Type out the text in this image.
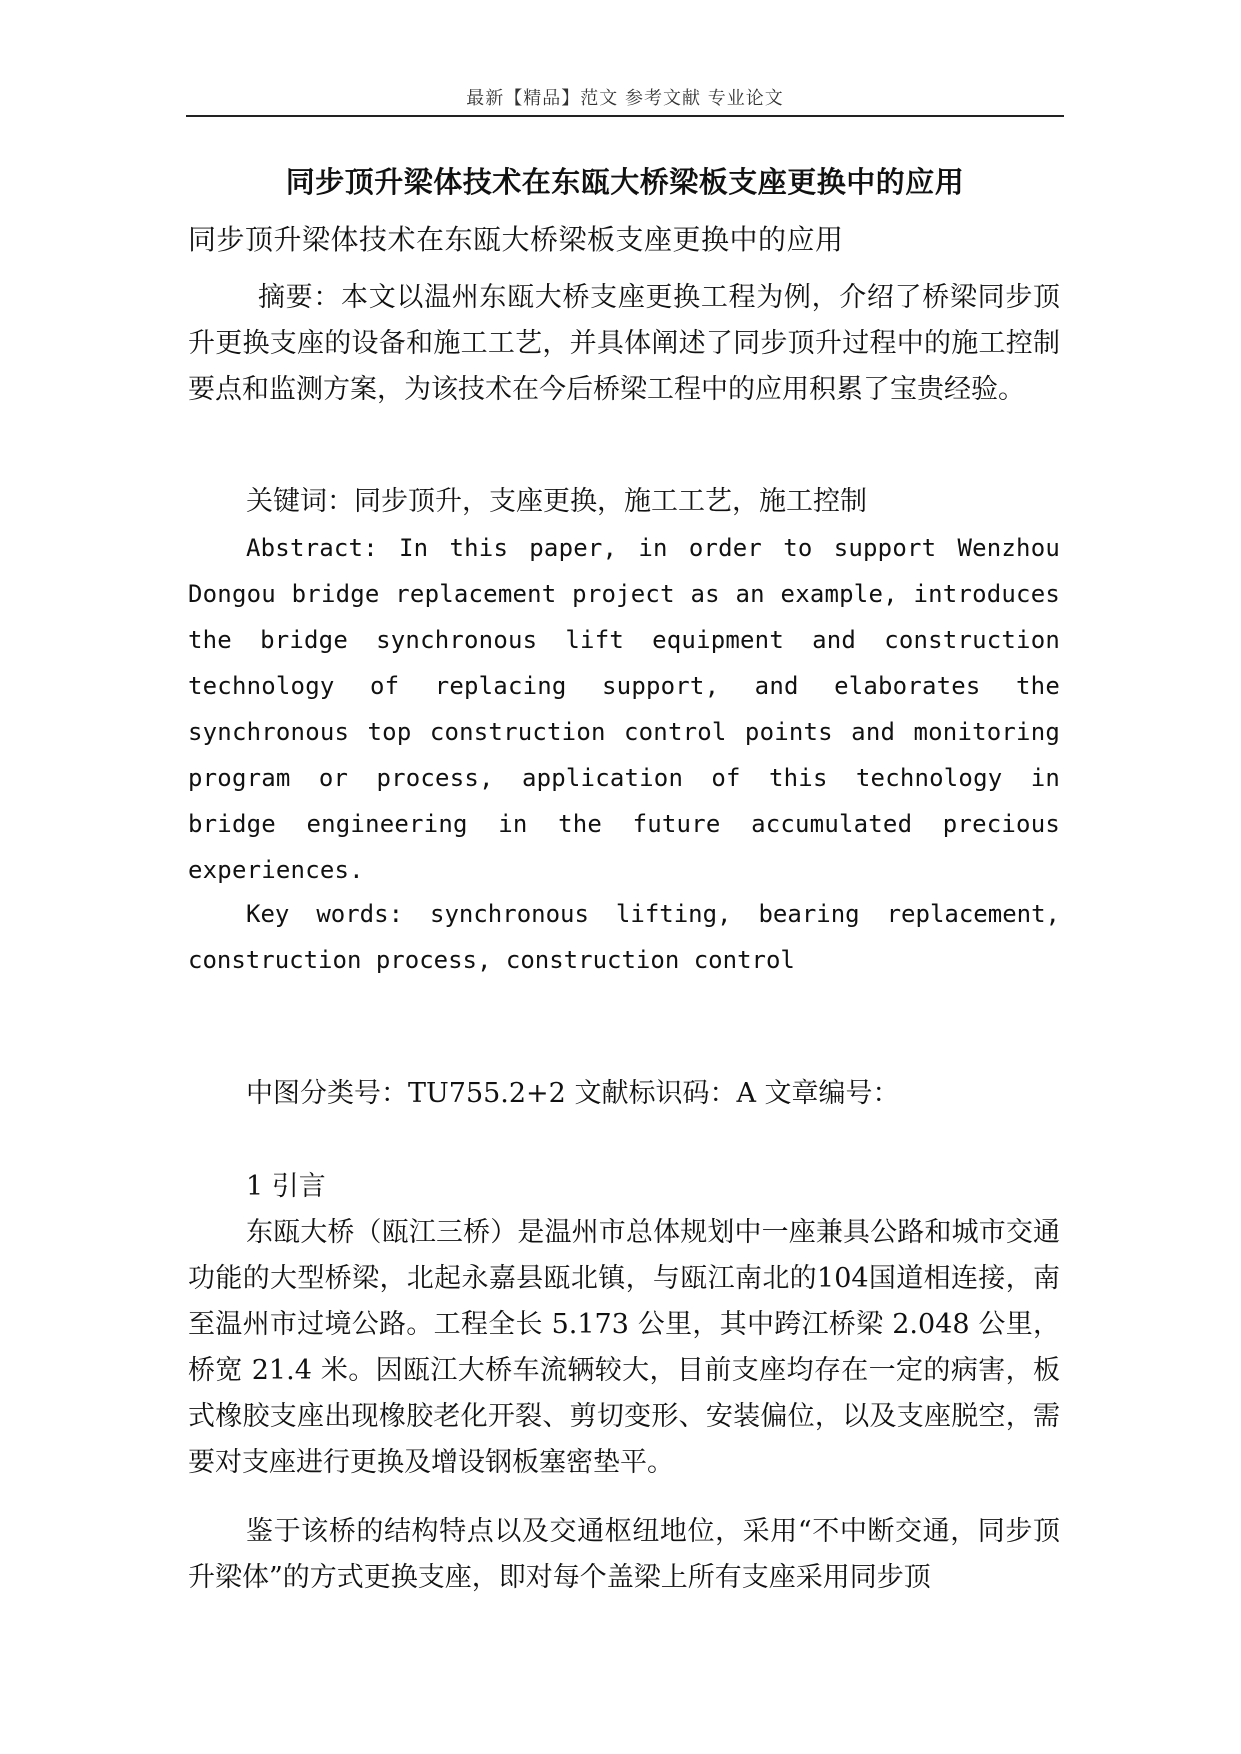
最新【精品】范文 参考文献 专业论文
同步顶升梁体技术在东瓯大桥梁板支座更换中的应用
同步顶升梁体技术在东瓯大桥梁板支座更换中的应用
摘要：本文以温州东瓯大桥支座更换工程为例，介绍了桥梁同步顶升更换支座的设备和施工工艺，并具体阐述了同步顶升过程中的施工控制要点和监测方案，为该技术在今后桥梁工程中的应用积累了宝贵经验。
关键词：同步顶升，支座更换，施工工艺，施工控制
Abstract: In this paper, in order to support Wenzhou Dongou bridge replacement project as an example, introduces the bridge synchronous lift equipment and construction technology of replacing support, and elaborates the synchronous top construction control points and monitoring program or process, application of this technology in bridge engineering in the future accumulated precious experiences.
Key words: synchronous lifting, bearing replacement, construction process, construction control
中图分类号：TU755.2+2 文献标识码：A 文章编号：
1 引言
东瓯大桥（瓯江三桥）是温州市总体规划中一座兼具公路和城市交通功能的大型桥梁，北起永嘉县瓯北镇，与瓯江南北的104国道相连接，南至温州市过境公路。工程全长 5.173 公里，其中跨江桥梁 2.048 公里，桥宽 21.4 米。因瓯江大桥车流辆较大，目前支座均存在一定的病害，板式橡胶支座出现橡胶老化开裂、剪切变形、安装偏位，以及支座脱空，需要对支座进行更换及增设钢板塞密垫平。
鉴于该桥的结构特点以及交通枢纽地位，采用“不中断交通，同步顶升梁体”的方式更换支座，即对每个盖梁上所有支座采用同步顶
